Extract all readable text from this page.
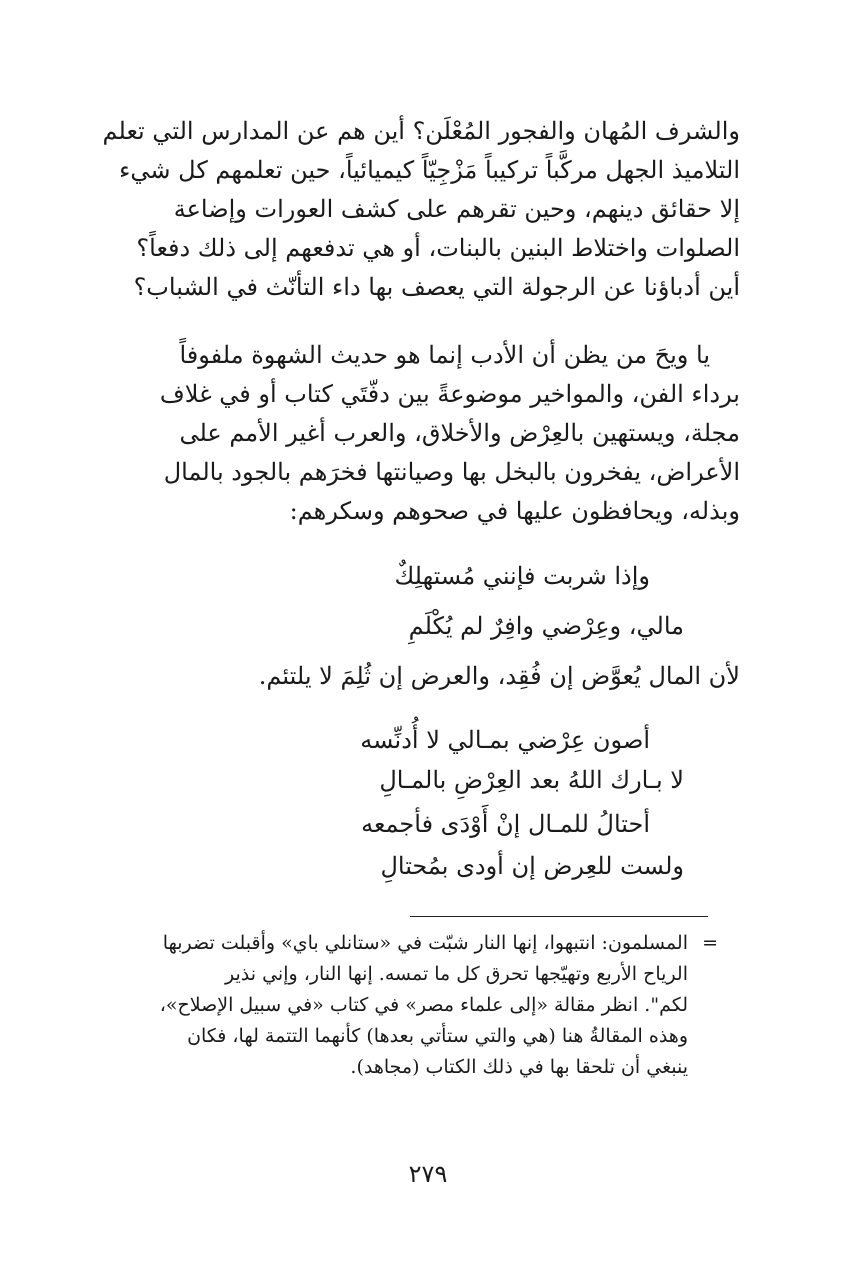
والشرف المُهان والفجور المُعْلَن؟ أين هم عن المدارس التي تعلم
التلاميذ الجهل مركَّباً تركيباً مَزْجِيّاً كيميائياً، حين تعلمهم كل شيء
إلا حقائق دينهم، وحين تقرهم على كشف العورات وإضاعة
الصلوات واختلاط البنين بالبنات، أو هي تدفعهم إلى ذلك دفعاً؟
أين أدباؤنا عن الرجولة التي يعصف بها داء التأنّث في الشباب؟
يا ويحَ من يظن أن الأدب إنما هو حديث الشهوة ملفوفاً
برداء الفن، والمواخير موضوعةً بين دفّتَي كتاب أو في غلاف
مجلة، ويستهين بالعِرْض والأخلاق، والعرب أغير الأمم على
الأعراض، يفخرون بالبخل بها وصيانتها فخرَهم بالجود بالمال
وبذله، ويحافظون عليها في صحوهم وسكرهم:
وإذا شربت فإنني مُستهلِكٌ
مالي، وعِرْضي وافِرٌ لم يُكْلَمِ
لأن المال يُعوَّض إن فُقِد، والعرض إن ثُلِمَ لا يلتئم.
أصون عِرْضي بمـالي لا أُدنِّسه
لا بـارك اللهُ بعد العِرْضِ بالمـالِ
أحتالُ للمـال إنْ أَوْدَى فأجمعه
ولست للعِرض إن أودى بمُحتالِ
=المسلمون: انتبهوا، إنها النار شبّت في «ستانلي باي» وأقبلت تضربها
الرياح الأربع وتهيّجها تحرق كل ما تمسه. إنها النار، وإني نذير
لكم". انظر مقالة «إلى علماء مصر» في كتاب «في سبيل الإصلاح»،
وهذه المقالةُ هنا (هي والتي ستأتي بعدها) كأنهما التتمة لها، فكان
ينبغي أن تلحقا بها في ذلك الكتاب (مجاهد).
٢٧٩
